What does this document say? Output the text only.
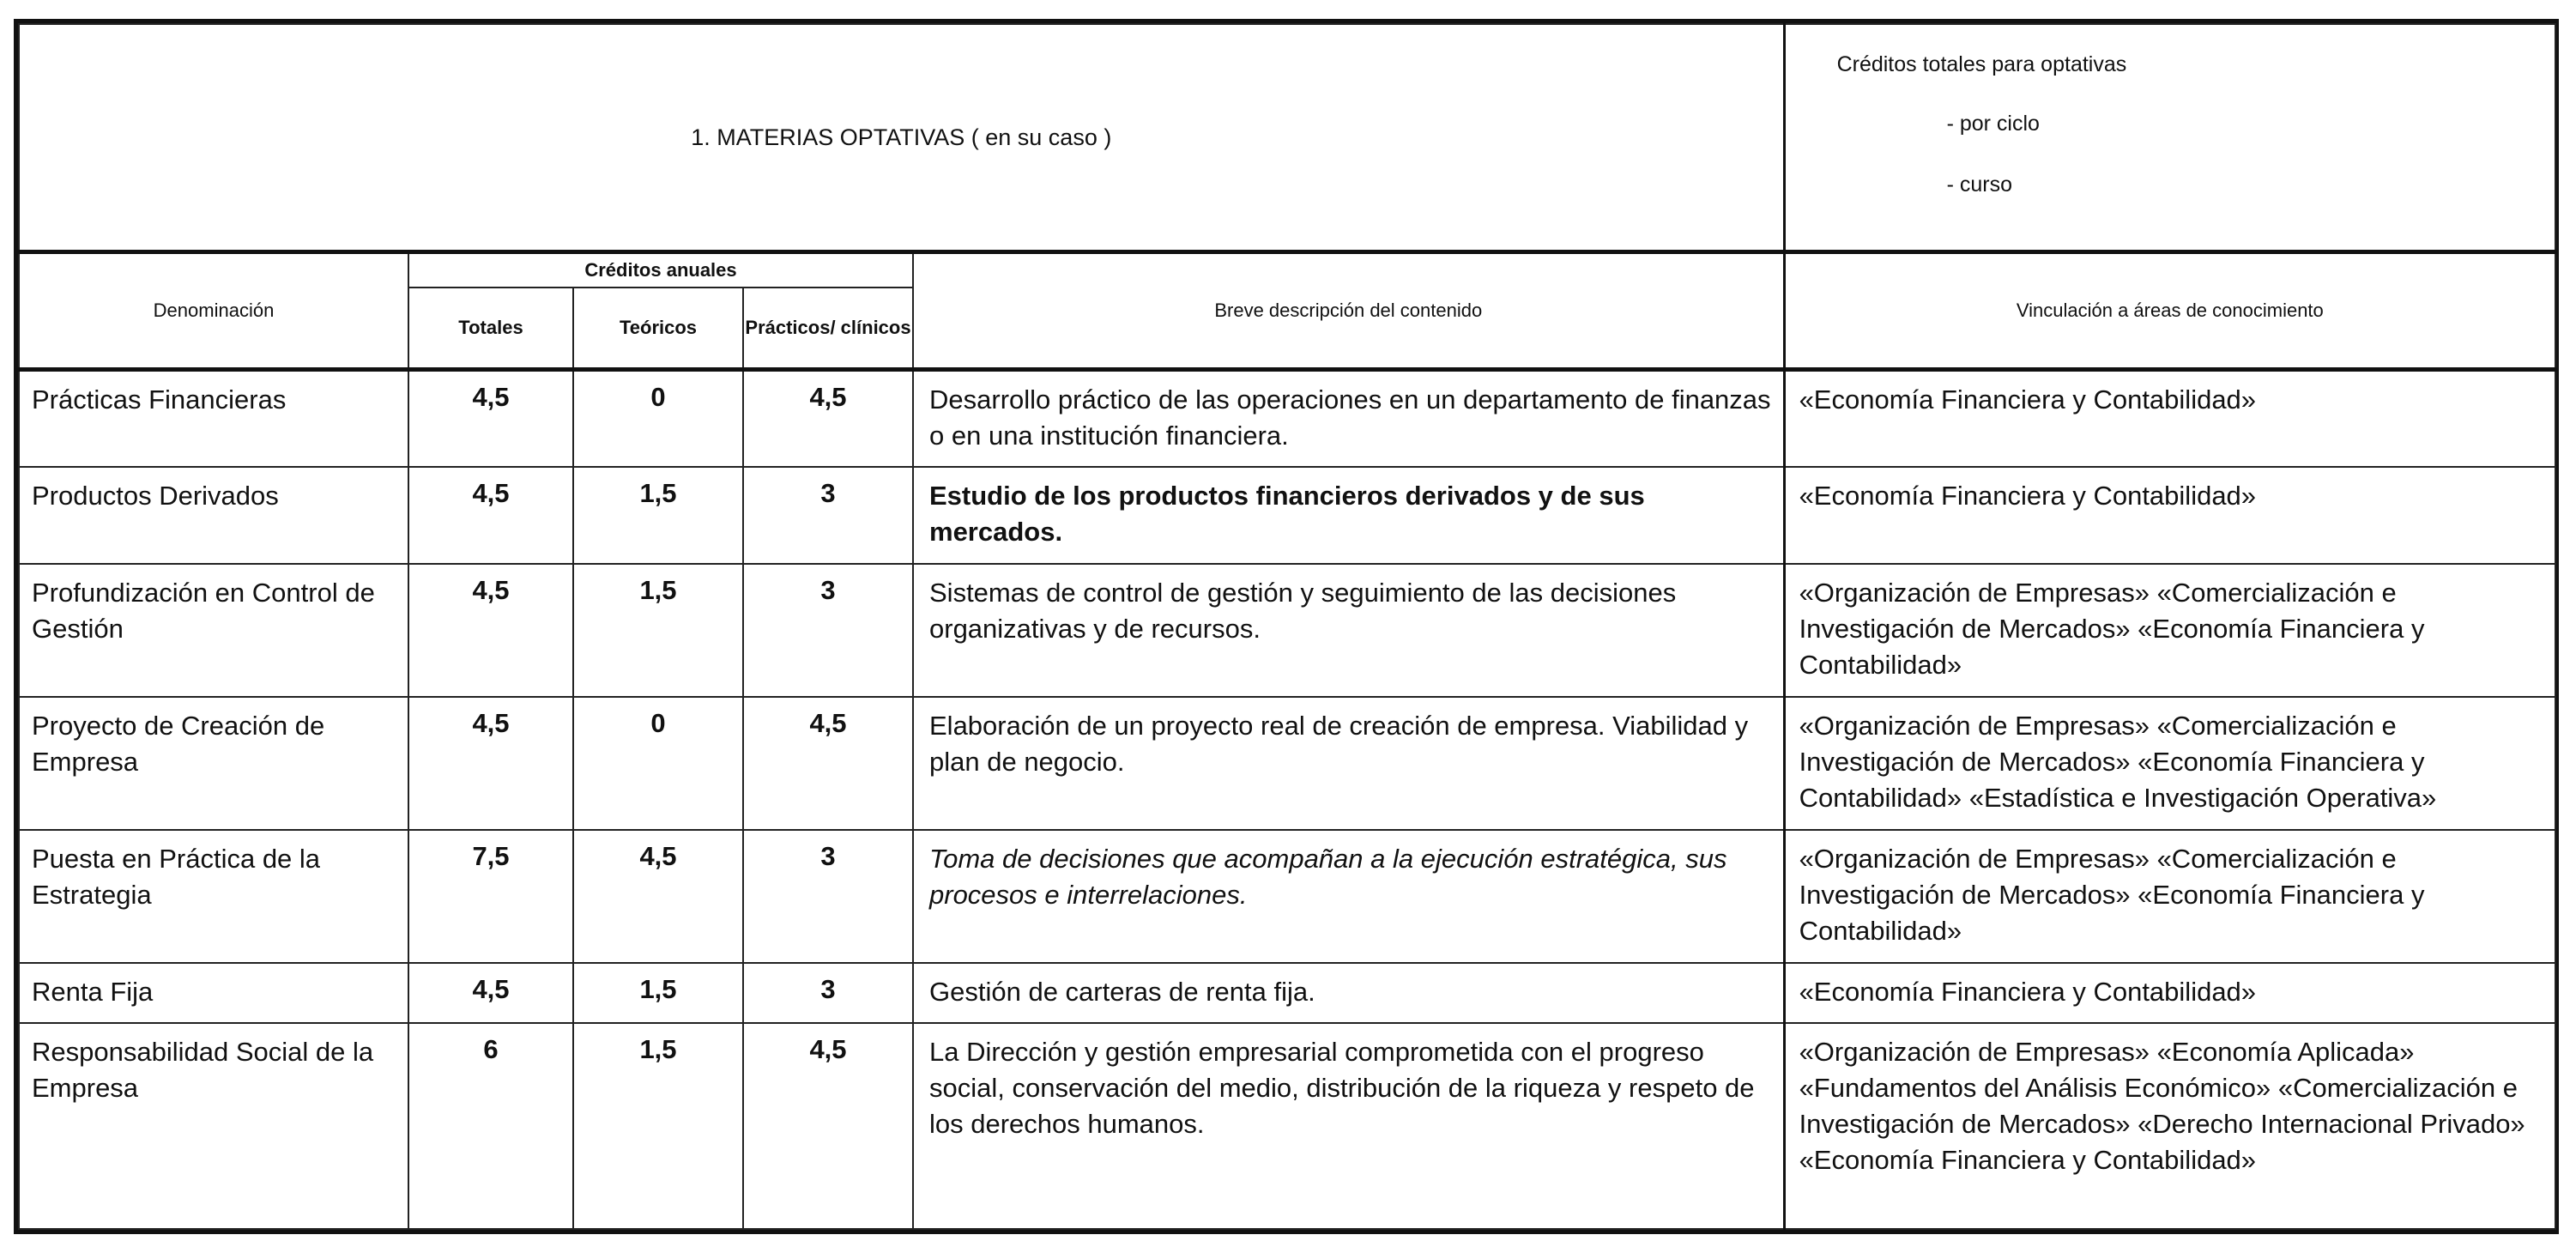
1. MATERIAS OPTATIVAS ( en su caso )					Créditos totales para optativas
- por ciclo
- curso

Denominación	Créditos anuales			Breve descripción del contenido	Vinculación a áreas de conocimiento
	Totales	Teóricos	Prácticos/ clínicos		
Prácticas Financieras	4,5	0	4,5	Desarrollo práctico de las operaciones en un departamento de finanzas o en una institución financiera.	«Economía Financiera y Contabilidad»
Productos Derivados	4,5	1,5	3	Estudio de los productos financieros derivados y de sus mercados.	«Economía Financiera y Contabilidad»
Profundización en Control de Gestión	4,5	1,5	3	Sistemas de control de gestión y seguimiento de las decisiones organizativas y de recursos.	«Organización de Empresas» «Comercialización e Investigación de Mercados» «Economía Financiera y Contabilidad»
Proyecto de Creación de Empresa	4,5	0	4,5	Elaboración de un proyecto real de creación de empresa. Viabilidad y plan de negocio.	«Organización de Empresas» «Comercialización e Investigación de Mercados» «Economía Financiera y Contabilidad» «Estadística e Investigación Operativa»
Puesta en Práctica de la Estrategia	7,5	4,5	3	Toma de decisiones que acompañan a la ejecución estratégica, sus procesos e interrelaciones.	«Organización de Empresas» «Comercialización e Investigación de Mercados» «Economía Financiera y Contabilidad»
Renta Fija	4,5	1,5	3	Gestión de carteras de renta fija.	«Economía Financiera y Contabilidad»
Responsabilidad Social de la Empresa	6	1,5	4,5	La Dirección y gestión empresarial comprometida con el progreso social, conservación del medio, distribución de la riqueza y respeto de los derechos humanos.	«Organización de Empresas» «Economía Aplicada» «Fundamentos del Análisis Económico» «Comercialización e Investigación de Mercados» «Derecho Internacional Privado» «Economía Financiera y Contabilidad»
